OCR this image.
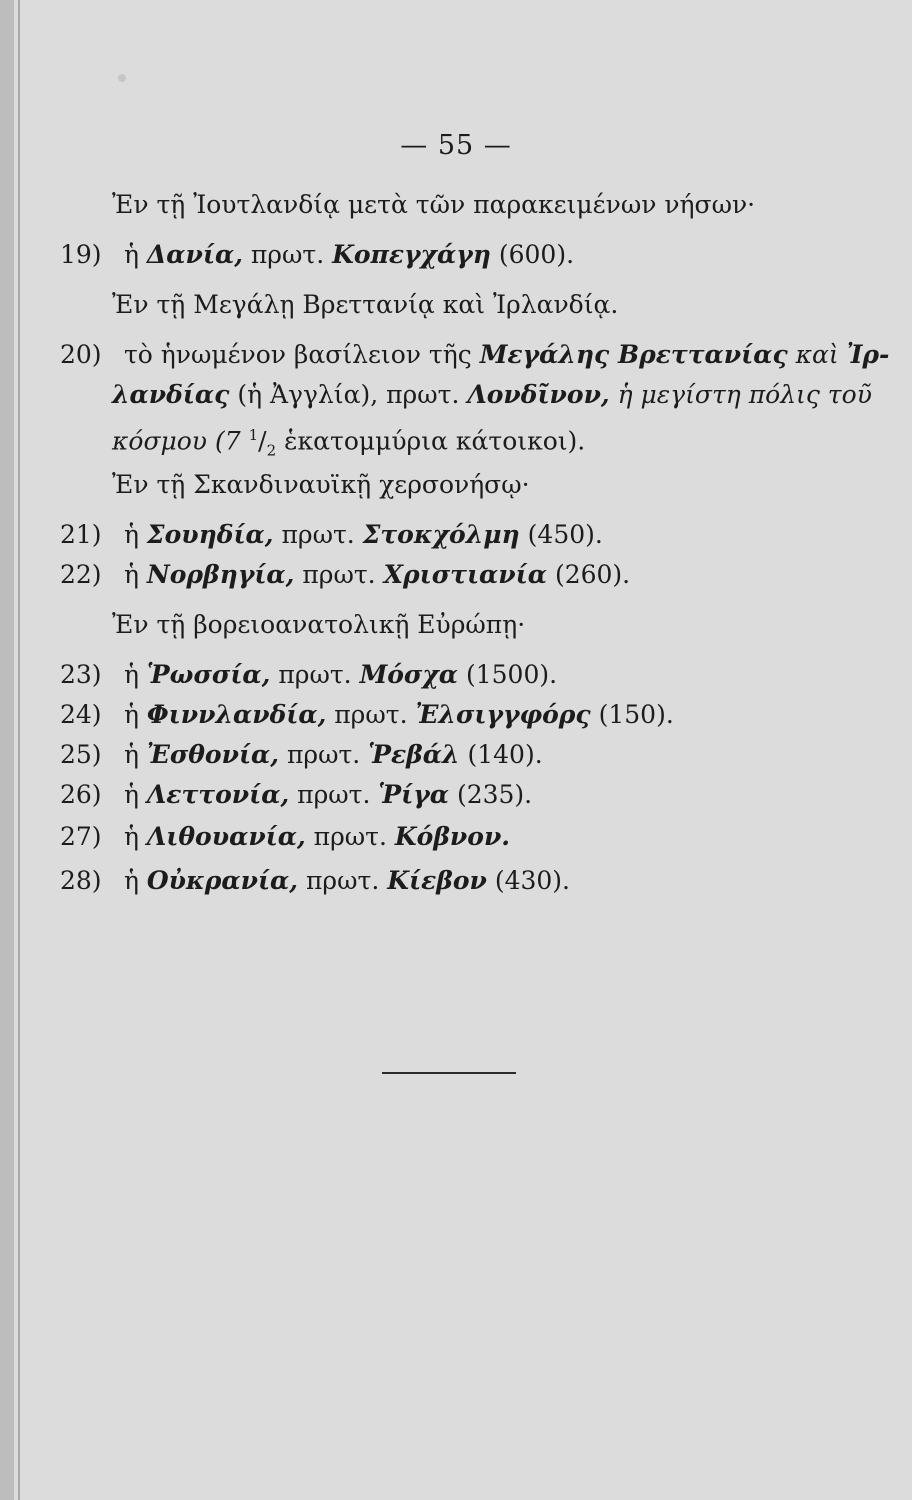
— 55 —
Ἐν τῇ Ἰουτλανδίᾳ μετὰ τῶν παρακειμένων νήσων·
19) ἡ Δανία, πρωτ. Κοπεγχάγη (600).
Ἐν τῇ Μεγάλῃ Βρεττανίᾳ καὶ Ἰρλανδίᾳ.
20) τὸ ἡνωμένον βασίλειον τῆς Μεγάλης Βρεττανίας καὶ Ἰρ-
λανδίας (ἡ Ἀγγλία), πρωτ. Λονδῖνον, ἡ μεγίστη πόλις τοῦ
κόσμου (7 $^1/_2$ ἑκατομμύρια κάτοικοι).
Ἐν τῇ Σκανδιναυϊκῇ χερσονήσῳ·
21) ἡ Σουηδία, πρωτ. Στοκχόλμη (450).
22) ἡ Νορβηγία, πρωτ. Χριστιανία (260).
Ἐν τῇ βορειοανατολικῇ Εὐρώπῃ·
23) ἡ Ῥωσσία, πρωτ. Μόσχα (1500).
24) ἡ Φιννλανδία, πρωτ. Ἐλσιγγφόρς (150).
25) ἡ Ἐσθονία, πρωτ. Ῥεβάλ (140).
26) ἡ Λεττονία, πρωτ. Ῥίγα (235).
27) ἡ Λιθουανία, πρωτ. Κόβνον.
28) ἡ Οὐκρανία, πρωτ. Κίεβον (430).
